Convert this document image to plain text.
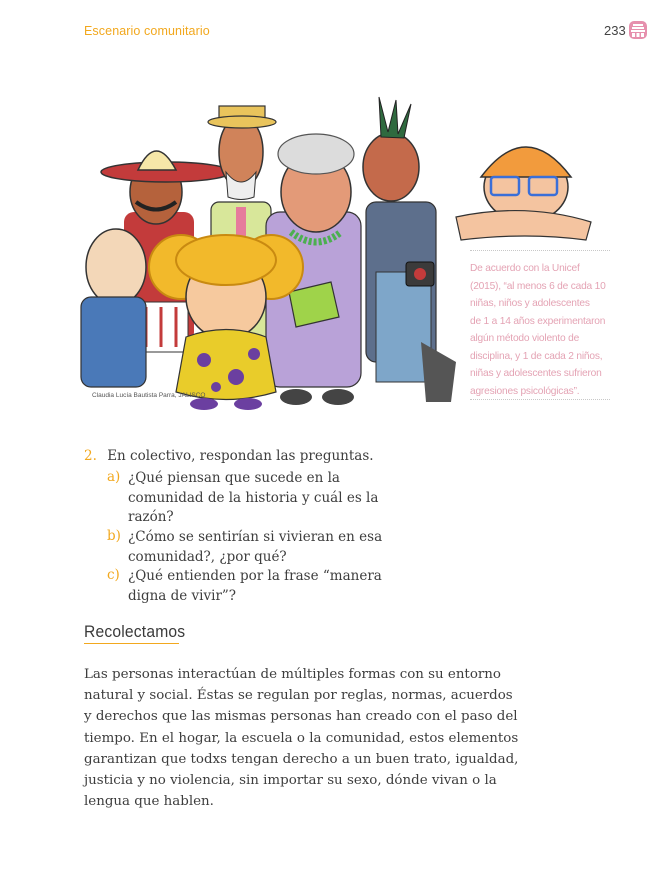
Escenario comunitario	233
Claudia Lucía Bautista Parra, JALISCO

De acuerdo con la Unicef

(2015), “al menos 6 de cada 10

niñas, niños y adolescentes

de 1 a 14 años experimentaron

algún método violento de

disciplina, y 1 de cada 2 niños,

niñas y adolescentes sufrieron

agresiones psicológicas”.

2. En colectivo, respondan las preguntas.
a) ¿Qué piensan que sucede en la comunidad de la historia y cuál es la razón?
b) ¿Cómo se sentirían si vivieran en esa comunidad?, ¿por qué?
c) ¿Qué entienden por la frase “manera digna de vivir”?
Recolectamos
Las personas interactúan de múltiples formas con su entorno
natural y social. Éstas se regulan por reglas, normas, acuerdos
y derechos que las mismas personas han creado con el paso del
tiempo. En el hogar, la escuela o la comunidad, estos elementos
garantizan que todxs tengan derecho a un buen trato, igualdad,
justicia y no violencia, sin importar su sexo, dónde vivan o la
lengua que hablen.
